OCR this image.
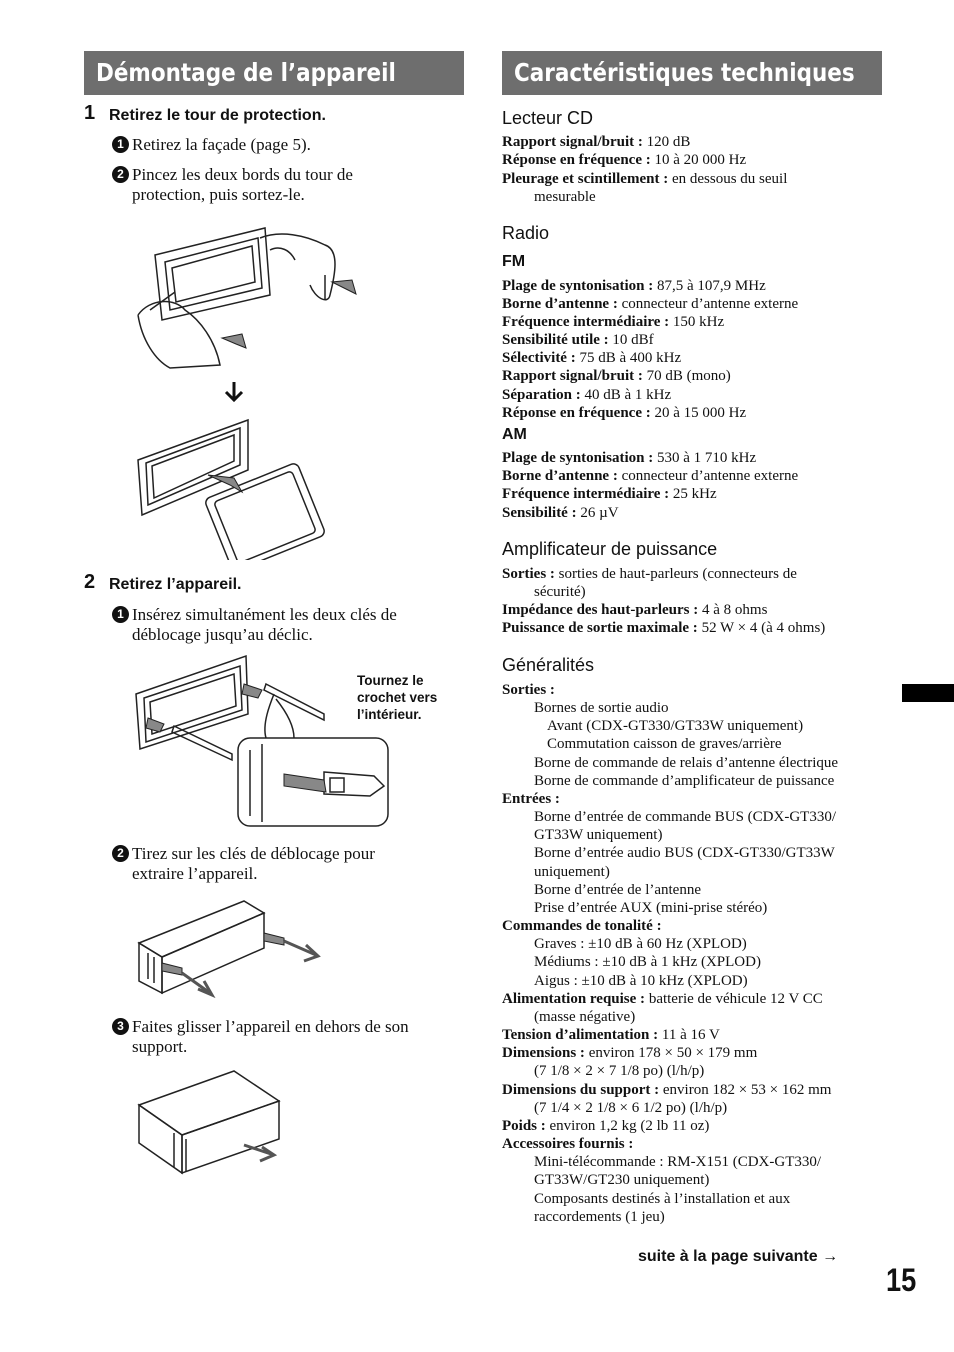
Démontage de l’appareil
1 Retirez le tour de protection.
1 Retirez la façade (page 5).
2 Pincez les deux bords du tour de
protection, puis sortez-le.
2 Retirez l’appareil.
1 Insérez simultanément les deux clés de
déblocage jusqu’au déclic.
Tournez le
crochet vers
l’intérieur.
2 Tirez sur les clés de déblocage pour
extraire l’appareil.
3 Faites glisser l’appareil en dehors de son
support.
Caractéristiques techniques
Lecteur CD
Rapport signal/bruit : 120 dB
Réponse en fréquence : 10 à 20 000 Hz
Pleurage et scintillement : en dessous du seuil
mesurable
Radio
FM
Plage de syntonisation : 87,5 à 107,9 MHz
Borne d’antenne : connecteur d’antenne externe
Fréquence intermédiaire : 150 kHz
Sensibilité utile : 10 dBf
Sélectivité : 75 dB à 400 kHz
Rapport signal/bruit : 70 dB (mono)
Séparation : 40 dB à 1 kHz
Réponse en fréquence : 20 à 15 000 Hz
AM
Plage de syntonisation : 530 à 1 710 kHz
Borne d’antenne : connecteur d’antenne externe
Fréquence intermédiaire : 25 kHz
Sensibilité : 26 µV
Amplificateur de puissance
Sorties : sorties de haut-parleurs (connecteurs de
sécurité)
Impédance des haut-parleurs : 4 à 8 ohms
Puissance de sortie maximale : 52 W × 4 (à 4 ohms)
Généralités
Sorties :
Bornes de sortie audio
Avant (CDX-GT330/GT33W uniquement)
Commutation caisson de graves/arrière
Borne de commande de relais d’antenne électrique
Borne de commande d’amplificateur de puissance
Entrées :
Borne d’entrée de commande BUS (CDX-GT330/
GT33W uniquement)
Borne d’entrée audio BUS (CDX-GT330/GT33W
uniquement)
Borne d’entrée de l’antenne
Prise d’entrée AUX (mini-prise stéréo)
Commandes de tonalité :
Graves : ±10 dB à 60 Hz (XPLOD)
Médiums : ±10 dB à 1 kHz (XPLOD)
Aigus : ±10 dB à 10 kHz (XPLOD)
Alimentation requise : batterie de véhicule 12 V CC
(masse négative)
Tension d’alimentation : 11 à 16 V
Dimensions : environ 178 × 50 × 179 mm
(7 1/8 × 2 × 7 1/8 po) (l/h/p)
Dimensions du support : environ 182 × 53 × 162 mm
(7 1/4 × 2 1/8 × 6 1/2 po) (l/h/p)
Poids : environ 1,2 kg (2 lb 11 oz)
Accessoires fournis :
Mini-télécommande : RM-X151 (CDX-GT330/
GT33W/GT230 uniquement)
Composants destinés à l’installation et aux
raccordements (1 jeu)
suite à la page suivante →
15
